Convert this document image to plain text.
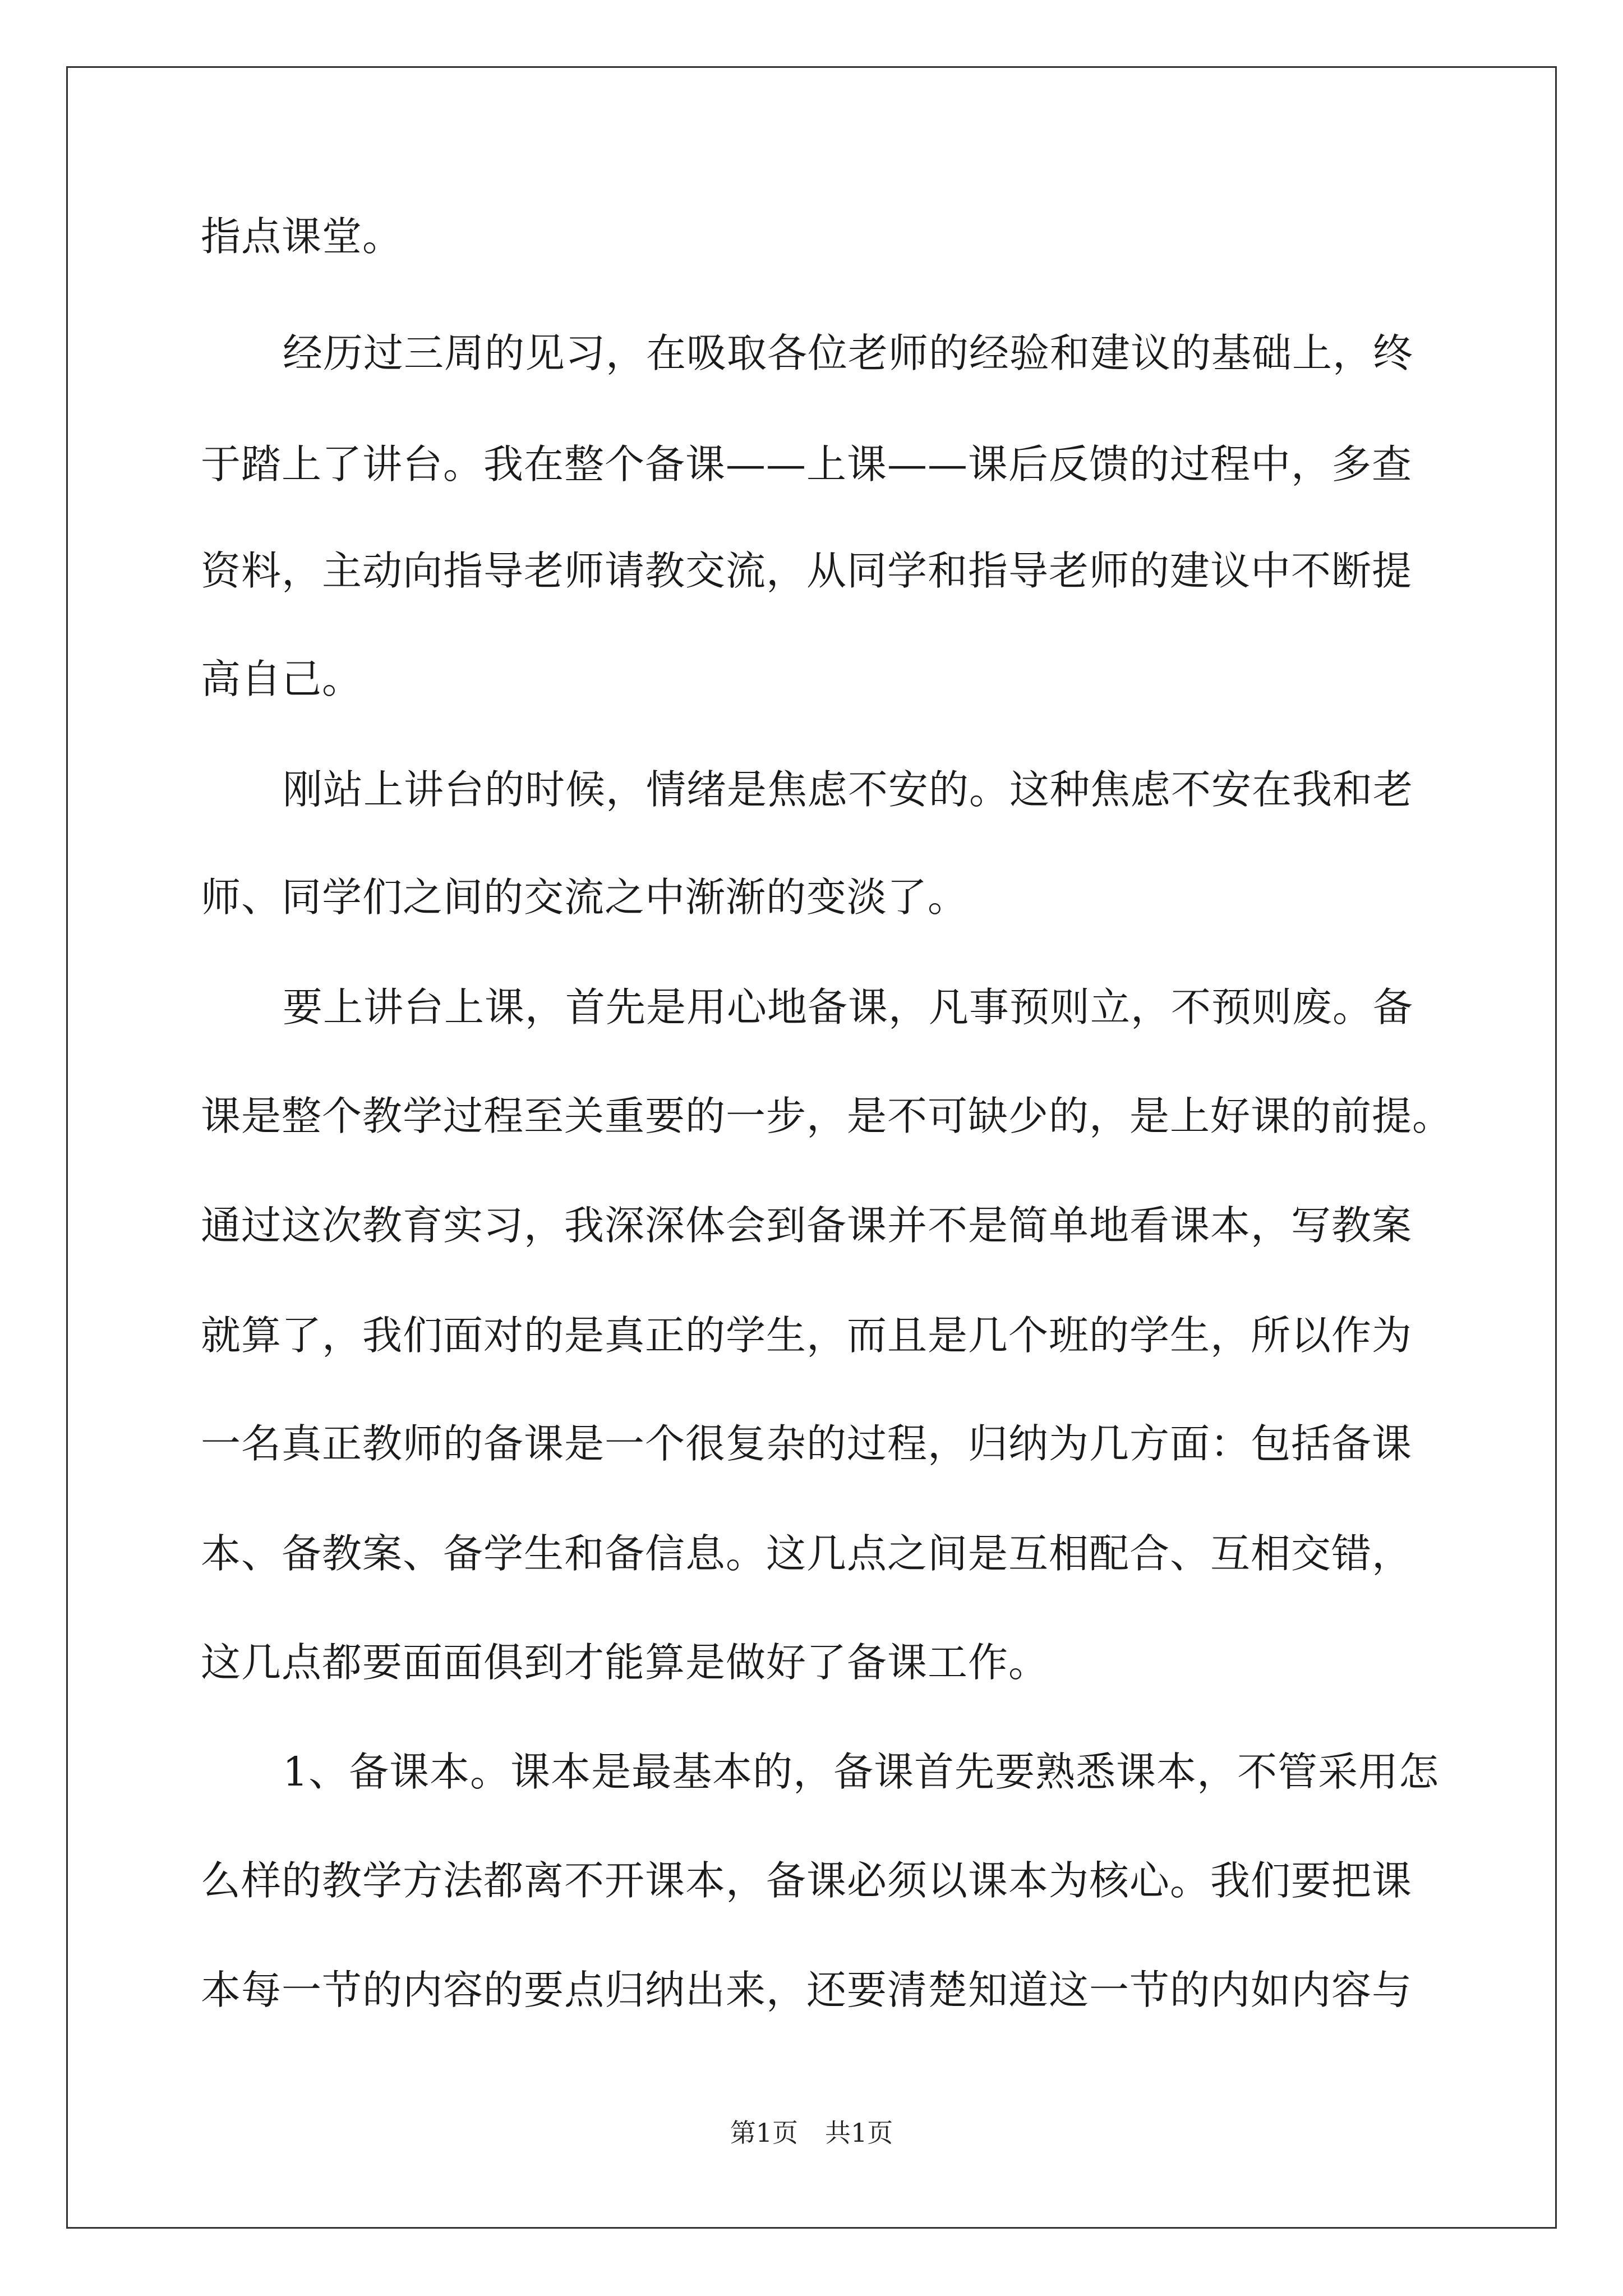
指点课堂。
经历过三周的见习，在吸取各位老师的经验和建议的基础上，终
于踏上了讲台。我在整个备课——上课——课后反馈的过程中，多查
资料，主动向指导老师请教交流，从同学和指导老师的建议中不断提
高自己。
刚站上讲台的时候，情绪是焦虑不安的。这种焦虑不安在我和老
师、同学们之间的交流之中渐渐的变淡了。
要上讲台上课，首先是用心地备课，凡事预则立，不预则废。备
课是整个教学过程至关重要的一步，是不可缺少的，是上好课的前提。
通过这次教育实习，我深深体会到备课并不是简单地看课本，写教案
就算了，我们面对的是真正的学生，而且是几个班的学生，所以作为
一名真正教师的备课是一个很复杂的过程，归纳为几方面：包括备课
本、备教案、备学生和备信息。这几点之间是互相配合、互相交错，
这几点都要面面俱到才能算是做好了备课工作。
1、备课本。课本是最基本的，备课首先要熟悉课本，不管采用怎
么样的教学方法都离不开课本，备课必须以课本为核心。我们要把课
本每一节的内容的要点归纳出来，还要清楚知道这一节的内如内容与
第1页 共1页
